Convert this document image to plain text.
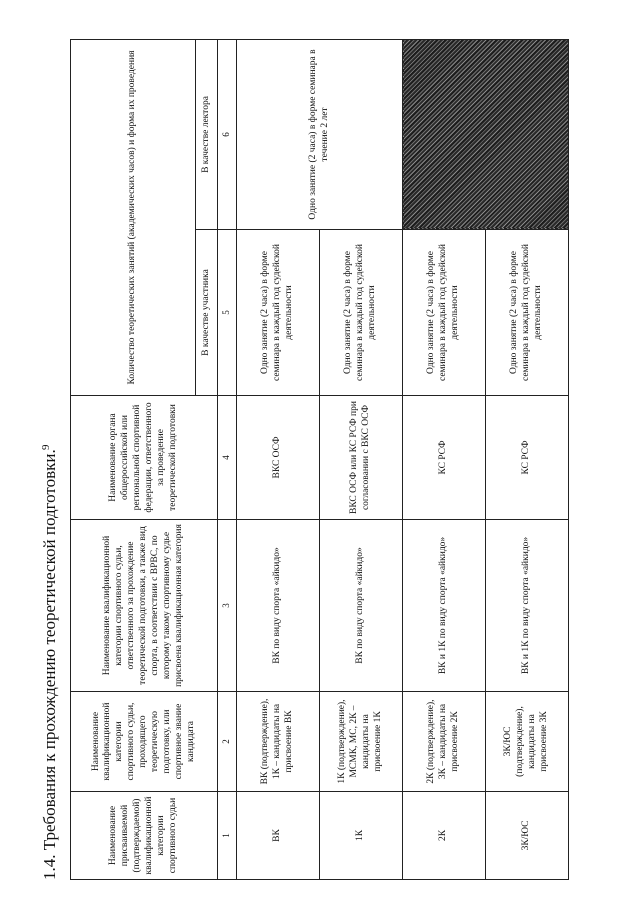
9
1.4. Требования к прохождению теоретической подготовки.	Наименование присваиваемой (подтверждаемой) квалификационной категории спортивного судьи	Наименование квалификационной категории спортивного судьи, проходящего теоретическую подготовку, или спортивное звание кандидата	Наименование квалификационной категории спортивного судьи, ответственного за прохождение теоретической подготовки, а также вид спорта, в соответствии с ВРВС, по которому такому спортивному судье присвоена квалификационная категория	Наименование органа общероссийской или региональной спортивной федерации, ответственного за проведение теоретической подготовки	Количество теоретических занятий (академических часов) и форма их проведения	
				В качестве участника	В качестве лектора
1	2	3	4	5	6
ВК	ВК (подтверждение), 1К – кандидаты на присвоение ВК	ВК по виду спорта «айкидо»	ВКС ОСФ	Одно занятие (2 часа) в форме семинара в каждый год судейской деятельности	Одно занятие (2 часа) в форме семинара в течение 2 лет
1К	1К (подтверждение), МСМК, МС, 2К – кандидаты на присвоение 1К	ВК по виду спорта «айкидо»	ВКС ОСФ или КС РСФ при согласовании с ВКС ОСФ	Одно занятие (2 часа) в форме семинара в каждый год судейской деятельности	
2К	2К (подтверждение), 3К – кандидаты на присвоение 2К	ВК и 1К по виду спорта «айкидо»	КС РСФ	Одно занятие (2 часа) в форме семинара в каждый год судейской деятельности	
3К/ЮС	3К/ЮС (подтверждение), кандидаты на присвоение 3К	ВК и 1К по виду спорта «айкидо»	КС РСФ	Одно занятие (2 часа) в форме семинара в каждый год судейской деятельности	
